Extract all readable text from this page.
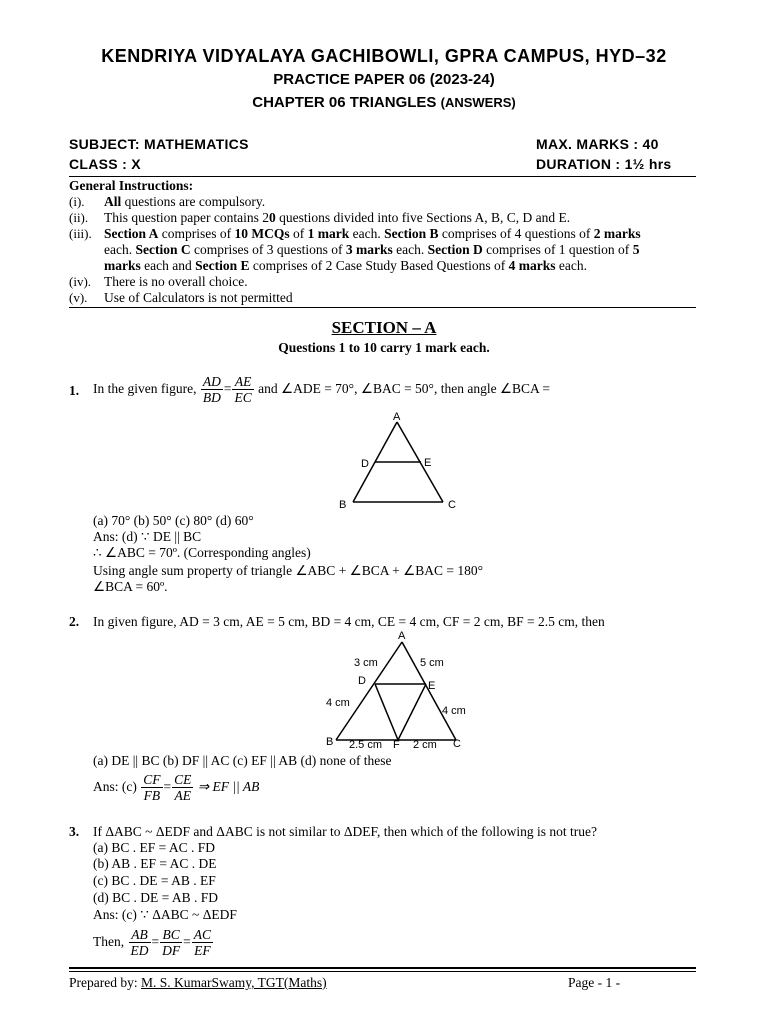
KENDRIYA VIDYALAYA GACHIBOWLI, GPRA CAMPUS, HYD–32
PRACTICE PAPER 06 (2023-24)
CHAPTER 06 TRIANGLES (ANSWERS)
SUBJECT: MATHEMATICS	MAX. MARKS : 40
CLASS : X	DURATION : 1½ hrs
General Instructions:
(i). All questions are compulsory.
(ii). This question paper contains 20 questions divided into five Sections A, B, C, D and E.
(iii). Section A comprises of 10 MCQs of 1 mark each. Section B comprises of 4 questions of 2 marks
each. Section C comprises of 3 questions of 3 marks each. Section D comprises of 1 question of 5
marks each and Section E comprises of 2 Case Study Based Questions of 4 marks each.
(iv). There is no overall choice.
(v). Use of Calculators is not permitted
SECTION – A
Questions 1 to 10 carry 1 mark each.
1. In the given figure, $\frac{AD}{BD} = \frac{AE}{EC}$ and ∠ADE = 70°, ∠BAC = 50°, then angle ∠BCA =
A
D	E
B	C
(a) 70° (b) 50° (c) 80° (d) 60°
Ans: (d) ∵ DE || BC
∴ ∠ABC = 70º. (Corresponding angles)
Using angle sum property of triangle ∠ABC + ∠BCA + ∠BAC = 180°
∠BCA = 60º.
2. In given figure, AD = 3 cm, AE = 5 cm, BD = 4 cm, CE = 4 cm, CF = 2 cm, BF = 2.5 cm, then
A
D	E
B	C
F
3 cm	5 cm
4 cm
4 cm
2.5 cm	2 cm
(a) DE || BC (b) DF || AC (c) EF || AB (d) none of these
Ans: $(c) \frac{CF}{FB} = \frac{CE}{AE}$ ⇒ EF || AB
3. If ΔABC ~ ΔEDF and ΔABC is not similar to ΔDEF, then which of the following is not true?
(a) BC . EF = AC . FD
(b) AB . EF = AC . DE
(c) BC . DE = AB . EF
(d) BC . DE = AB . FD
Ans: (c) ∵ ΔABC ~ ΔEDF
Then, $\frac{AB}{ED} = \frac{BC}{DF} = \frac{AC}{EF}$
Prepared by: M. S. KumarSwamy, TGT(Maths)	Page - 1 -
